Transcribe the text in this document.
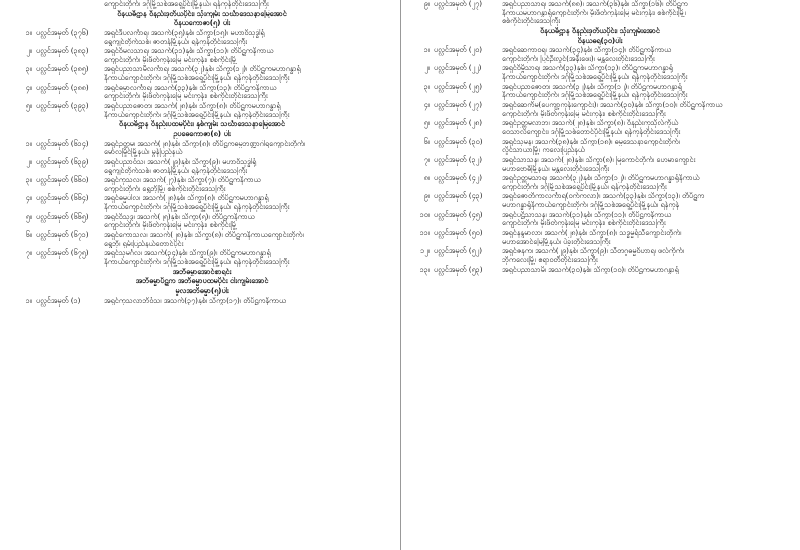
ကျောင်းတိုက်၊ ဒဂုံမြို့သစ်အရှေ့ပိုင်းမြို့နယ်၊ ရန်ကုန်တိုင်းဒေသကြီး
ဝိနယဓိဋ္ဌာန ဝိနည်းဒုတိယပိုင်း၊ သုံးကျမ်း သင်္ဃာဒေသနာမြေအောင်
ဝိနယကောဇာ(၅) ပါး
၁။ ပလ္လင်အမှတ် (၃၇၆)	အရှင်ဒီပလင်္ကာရ၊ အသက်(၃၅)နှစ်၊ သိက္ခာ(၁၅)၊ မဟာဝိသုဒ္ဓါရုံ
ရွှေကျင်တိုက်သစ်၊ ဇာတန်မြို့နယ်၊ ရန်ကုန်တိုင်းဒေသကြီး
၂။ ပလ္လင်အမှတ် (၃၈၃)	အရှင်ဝိမလသာရ၊ အသက်(၃၁)နှစ်၊ သိက္ခာ(၁၁)၊ တိပိဋကနိကာယ
ကျောင်းတိုက်၊ မိုးဖိတ်ကုန်းမြေ မင်းကုန်း၊ စစ်ကိုင်းမြို့
၃။ ပလ္လင်အမှတ် (၃၈၅)	အရှင်ပညာသာမီလင်္ကာရ၊ အသက်(၃၂)နှစ်၊ သိက္ခာ(၁၂)၊ တိပိဋကမဟာဂန္ဓာရုံ
နိကာယ်ကျောင်းတိုက်၊ ဒဂုံမြို့သစ်အရှေ့ပိုင်းမြို့နယ်၊ ရန်ကုန်တိုင်းဒေသကြီး
၄။ ပလ္လင်အမှတ် (၃၈၈)	အရှင်ဓမ္မာလင်္ကာရ၊ အသက်(၃၃)နှစ်၊ သိက္ခာ(၁၃)၊ တိပိဋကနိကာယ
ကျောင်းတိုက်၊ မိုးဖိတ်ကုန်းမြေ မင်းကုန်း၊ စစ်ကိုင်းတိုင်းဒေသကြီး
၅။ ပလ္လင်အမှတ် (၃၉၃)	အရှင်ပညာဇောတ၊ အသက်(၂၈)နှစ်၊ သိက္ခာ(၈)၊ တိပိဋကမဟာဂန္ဓာရုံ
နိကာယ်ကျောင်းတိုက်၊ ဒဂုံမြို့သစ်အရှေ့ပိုင်းမြို့နယ်၊ ရန်ကုန်တိုင်းဒေသကြီး
ဝိနယဓိဋ္ဌာန ဝိနည်းပထမပိုင်း၊ နှစ်ကျမ်း သင်္ဃာဒေသနာမြေအောင်
ဥပဓေကောဇာ(၈) ပါး
၁။ ပလ္လင်အမှတ် (၆၁၄)	အရှင်ဥတ္တမ၊ အသက်(၂၈)နှစ်၊ သိက္ခာ(၈)၊ တိပိဋကဓမ္မဘဏ္ဍာဂါရကျောင်းတိုက်၊
မော်လမြိုင်မြို့နယ်၊ မွန်ပြည်နယ်
၂။ ပလ္လင်အမှတ် (၆၃၉)	အရှင်ပညာဝံသ၊ အသက်(၂၉)နှစ်၊ သိက္ခာ(၉)၊ မဟာဝိသုဒ္ဓါရုံ
ရွှေကျင်တိုက်သစ်၊ ဇာတန်မြို့နယ်၊ ရန်ကုန်တိုင်းဒေသကြီး
၃။ ပလ္လင်အမှတ် (၆၆၀)	အရှင်ကုသလ၊ အသက်(၂၇)နှစ်၊ သိက္ခာ(၇)၊ တိပိဋကနိကာယ
ကျောင်းတိုက်၊ ရွှေဘိုမြို့၊ စစ်ကိုင်းတိုင်းဒေသကြီး
၄။ ပလ္လင်အမှတ် (၆၆၄)	အရှင်ဓမ္မပါလ၊ အသက်(၂၈)နှစ်၊ သိက္ခာ(၈)၊ တိပိဋကမဟာဂန္ဓာရုံ
နိကာယ်ကျောင်းတိုက်၊ ဒဂုံမြို့သစ်အရှေ့ပိုင်းမြို့နယ်၊ ရန်ကုန်တိုင်းဒေသကြီး
၅။ ပလ္လင်အမှတ် (၆၆၅)	အရှင်ဝိသုဒ္ဓ၊ အသက်(၂၅)နှစ်၊ သိက္ခာ(၅)၊ တိပိဋကနိကာယ
ကျောင်းတိုက်၊ မိုးဖိတ်ကုန်းမြေ မင်းကုန်း၊ စစ်ကိုင်းမြို့
၆။ ပလ္လင်အမှတ် (၆၇၁)	အရှင်ကောသလ၊ အသက်(၂၈)နှစ်၊ သိက္ခာ(၈)၊ တိပိဋကနိကာယကျောင်းတိုက်၊
ရွှေဘို၊ ရှမ်းပြည်နယ်တောင်ပိုင်း
၇။ ပလ္လင်အမှတ် (၆၇၅)	အရှင်သုမင်္ဂလ၊ အသက်(၃၄)နှစ်၊ သိက္ခာ(၉)၊ တိပိဋကမဟာဂန္ဓာရုံ
နိကာယ်ကျောင်းတိုက်၊ ဒဂုံမြို့သစ်အရှေ့ပိုင်းမြို့နယ်၊ ရန်ကုန်တိုင်းဒေသကြီး
အဘိဓမ္မာအောင်စာရင်း
အဘိဓမ္မာပိဋက အဘိဓမ္မာပထမပိုင်း ငါးကျမ်းအောင်
မူလအဘိဓမ္မာ(၅)ပါး
၁။ ပလ္လင်အမှတ် (၁)	အရှင်ကုသလာဘိဝံသ၊ အသက်(၃၇)နှစ်၊ သိက္ခာ(၁၇)၊ တိပိဋကနိကာယ
၉။ ပလ္လင်အမှတ် (၂၇)	အရှင်ပညာသာရ၊ အသက်(၈၈)၊ အသက်(၃၆)နှစ်၊ သိက္ခာ(၁၆)၊ တိပိဋက
နိကာယမဟာဂန္ဓာရုံကျောင်းတိုက်၊ မိုးဖိတ်ကုန်းမြေ မင်းကုန်း၊ စစ်ကိုင်းမြို့၊
စစ်ကိုင်းတိုင်းဒေသကြီး
ဝိနယဓိဋ္ဌာန ဝိနည်းဒုတိယပိုင်း၊ သုံးကျမ်းအောင်
ဝိနယဓရ(၃၀)ပါး
၁။ ပလ္လင်အမှတ် (၂၀)	အရှင်ဆေကာဝရ၊ အသက်(၃၄)နှစ်၊ သိက္ခာ(၁၄)၊ တိပိဋကနိကာယ
ကျောင်းတိုက်၊ ပြင်ဦးလွင်(အနီးဖေး)၊ မန္တလေးတိုင်းဒေသကြီး
၂။ ပလ္လင်အမှတ် (၂၂)	အရှင်ဝိမ္ဗိသာရ၊ အသက်(၃၃)နှစ်၊ သိက္ခာ(၁၃)၊ တိပိဋကမဟာဂန္ဓာရုံ
နိကာယ်ကျောင်းတိုက်၊ ဒဂုံမြို့သစ်အရှေ့ပိုင်းမြို့နယ်၊ ရန်ကုန်တိုင်းဒေသကြီး
၃။ ပလ္လင်အမှတ် (၂၅)	အရှင်ပညာဇောတ၊ အသက်(၃၂)နှစ်၊ သိက္ခာ(၁၂)၊ တိပိဋကမဟာဂန္ဓာရုံ
နိကာယ်ကျောင်းတိုက်၊ ဒဂုံမြို့သစ်အရှေ့ပိုင်းမြို့နယ်၊ ရန်ကုန်တိုင်းဒေသကြီး
၄။ ပလ္လင်အမှတ် (၂၇)	အရှင်ဆေကိမ(ပေကျာ့ကုန်းကျောင်း)၊ အသက်(၃၀)နှစ်၊ သိက္ခာ(၁၀)၊ တိပိဋကနိကာယ
ကျောင်းတိုက်၊ မိုးဖိတ်ကုန်းမြေ မင်းကုန်း၊ စစ်ကိုင်းတိုင်းဒေသကြီး
၅။ ပလ္လင်အမှတ် (၂၈)	အရှင်ဥတ္တမလာဘ၊ အသက်(၂၈)နှစ်၊ သိက္ခာ(၈)၊ ဝိနည်းကုသိုလ်ကိုယ်
ဝေသာလိကျောင်း၊ ဒဂုံမြို့သစ်တောင်ပိုင်းမြို့နယ်၊ ရန်ကုန်တိုင်းဒေသကြီး
၆။ ပလ္လင်အမှတ် (၃၀)	အရှင်သုမန၊ အသက်(၃၈)နှစ်၊ သိက္ခာ(၁၈)၊ ဓမ္မဒေသနာကျောင်းတိုက်၊
လှိုင်သာယာမြို့၊ ကလေးပြည်နယ်
၇။ ပလ္လင်အမှတ် (၃၂)	အရှင်သာသန၊ အသက်(၂၈)နှစ်၊ သိက္ခာ(၈)၊ မြကောင်တိုက်၊ ဟေမာကျောင်း
မဟာဗောဓိမြို့နယ်၊ မန္တလေးတိုင်းဒေသကြီး
၈။ ပလ္လင်အမှတ် (၄၂)	အရှင်ဥတ္တမသာရ၊ အသက်(၃၂)နှစ်၊ သိက္ခာ(၁၂)၊ တိပိဋကမဟာဂန္ဓာရုံနိကာယ်
ကျောင်းတိုက်၊ ဒဂုံမြို့သစ်အရှေ့ပိုင်းမြို့နယ်၊ ရန်ကုန်တိုင်းဒေသကြီး
၉။ ပလ္လင်အမှတ် (၄၃)	အရှင်ဇောတိကာလင်္ကာရ(ဝက်ကလာ)၊ အသက်(၃၃)နှစ်၊ သိက္ခာ(၁၃)၊ တိပိဋက
မဟာဂန္ဓာရုံနိကာယ်ကျောင်းတိုက်၊ ဒဂုံမြို့သစ်အရှေ့ပိုင်းမြို့နယ်၊ ရန်ကုန်
၁၀။ ပလ္လင်အမှတ် (၄၅)	အရှင်ပဋိသာသန၊ အသက်(၃၁)နှစ်၊ သိက္ခာ(၁၁)၊ တိပိဋကနိကာယ
ကျောင်းတိုက်၊ မိုးဖိတ်ကုန်းမြေ မင်းကုန်း၊ စစ်ကိုင်းတိုင်းဒေသကြီး
၁၁။ ပလ္လင်အမှတ် (၅၀)	အရှင်နန္ဒမာလာ၊ အသက်(၂၈)နှစ်၊ သိက္ခာ(၈)၊ သဒ္ဓမ္မရံသီကျောင်းတိုက်၊
မဟာအောင်မြေမြို့နယ်၊ ပဲခူးတိုင်းဒေသကြီး
၁၂။ ပလ္လင်အမှတ် (၅၂)	အရှင်ဇနက၊ အသက်(၂၉)နှစ်၊ သိက္ခာ(၉)၊ သီတဂူဓမ္မဝိဟာရ၊ ဖလ်ကိုက်၊
ဘိုကလေးမြို့၊ ဧရာဝတီတိုင်းဒေသကြီး
၁၃။ ပလ္လင်အမှတ် (၅၃)	အရှင်ပညာသာမိ၊ အသက်(၃၀)နှစ်၊ သိက္ခာ(၁၀)၊ တိပိဋကမဟာဂန္ဓာရုံ
